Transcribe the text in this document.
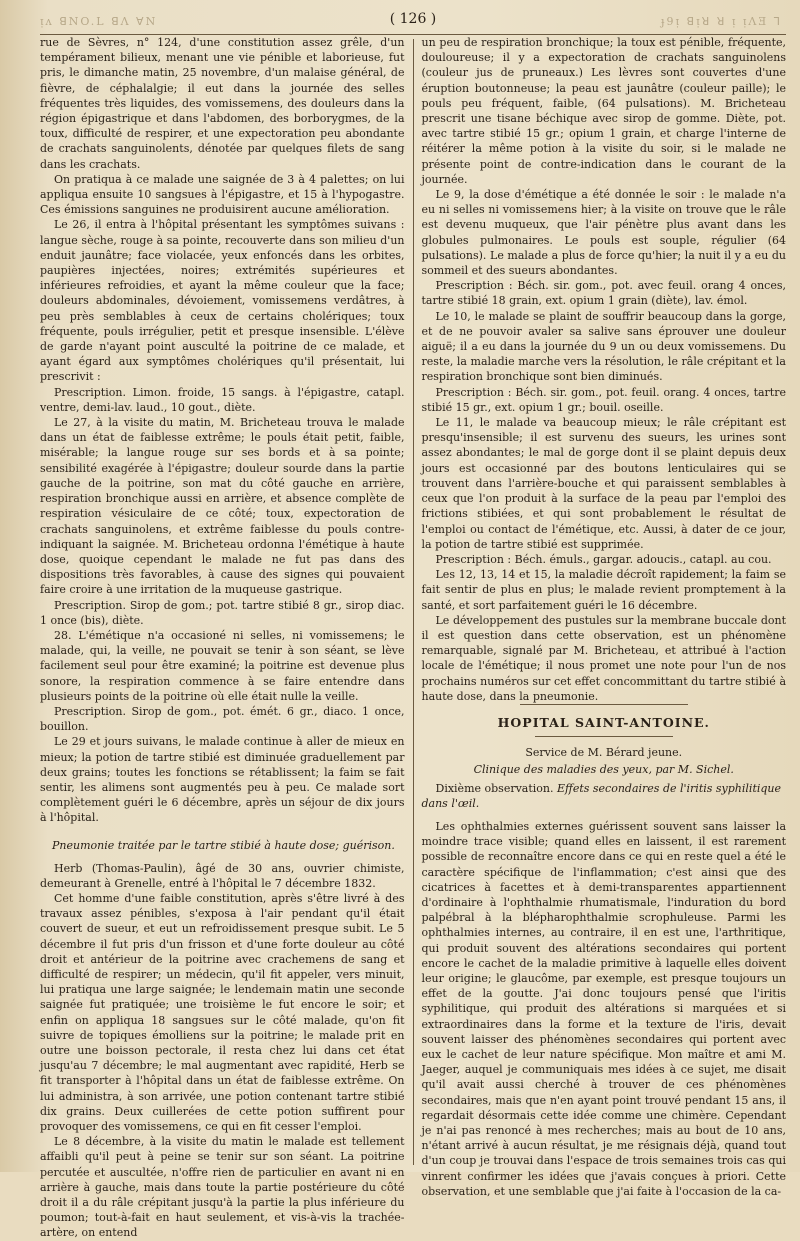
ᴉᴧ ꓭNO.L ꓭɅ ꓯN	( 126 )	ɟ9ᴉ ꓭᴉꓤ ꓤ ᴉ ᴉɅƎ ꓶ

rue de Sèvres, n° 124, d'une constitution assez grêle, d'un tempérament bilieux, menant une vie pénible et laborieuse, fut pris, le dimanche matin, 25 novembre, d'un malaise général, de fièvre, de céphalalgie; il eut dans la journée des selles fréquentes très liquides, des vomissemens, des douleurs dans la région épigastrique et dans l'abdomen, des borborygmes, de la toux, difficulté de respirer, et une expectoration peu abondante de crachats sanguinolents, dénotée par quelques filets de sang dans les crachats.

On pratiqua à ce malade une saignée de 3 à 4 palettes; on lui appliqua ensuite 10 sangsues à l'épigastre, et 15 à l'hypogastre. Ces émissions sanguines ne produisirent aucune amélioration.

Le 26, il entra à l'hôpital présentant les symptômes suivans : langue sèche, rouge à sa pointe, recouverte dans son milieu d'un enduit jaunâtre; face violacée, yeux enfoncés dans les orbites, paupières injectées, noires; extrémités supérieures et inférieures refroidies, et ayant la même couleur que la face; douleurs abdominales, dévoiement, vomissemens verdâtres, à peu près semblables à ceux de certains cholériques; toux fréquente, pouls irrégulier, petit et presque insensible. L'élève de garde n'ayant point ausculté la poitrine de ce malade, et ayant égard aux symptômes cholériques qu'il présentait, lui prescrivit :

Prescription. Limon. froide, 15 sangs. à l'épigastre, catapl. ventre, demi-lav. laud., 10 gout., diète.

Le 27, à la visite du matin, M. Bricheteau trouva le malade dans un état de faiblesse extrême; le pouls était petit, faible, misérable; la langue rouge sur ses bords et à sa pointe; sensibilité exagérée à l'épigastre; douleur sourde dans la partie gauche de la poitrine, son mat du côté gauche en arrière, respiration bronchique aussi en arrière, et absence complète de respiration vésiculaire de ce côté; toux, expectoration de crachats sanguinolens, et extrême faiblesse du pouls contre-indiquant la saignée. M. Bricheteau ordonna l'émétique à haute dose, quoique cependant le malade ne fut pas dans des dispositions très favorables, à cause des signes qui pouvaient faire croire à une irritation de la muqueuse gastrique.

Prescription. Sirop de gom.; pot. tartre stibié 8 gr., sirop diac. 1 once (bis), diète.

28. L'émétique n'a occasioné ni selles, ni vomissemens; le malade, qui, la veille, ne pouvait se tenir à son séant, se lève facilement seul pour être examiné; la poitrine est devenue plus sonore, la respiration commence à se faire entendre dans plusieurs points de la poitrine où elle était nulle la veille.

Prescription. Sirop de gom., pot. émét. 6 gr., diaco. 1 once, bouillon.

Le 29 et jours suivans, le malade continue à aller de mieux en mieux; la potion de tartre stibié est diminuée graduellement par deux grains; toutes les fonctions se rétablissent; la faim se fait sentir, les alimens sont augmentés peu à peu. Ce malade sort complètement guéri le 6 décembre, après un séjour de dix jours à l'hôpital.

Pneumonie traitée par le tartre stibié à haute dose; guérison.

Herb (Thomas-Paulin), âgé de 30 ans, ouvrier chimiste, demeurant à Grenelle, entré à l'hôpital le 7 décembre 1832.

Cet homme d'une faible constitution, après s'être livré à des travaux assez pénibles, s'exposa à l'air pendant qu'il était couvert de sueur, et eut un refroidissement presque subit. Le 5 décembre il fut pris d'un frisson et d'une forte douleur au côté droit et antérieur de la poitrine avec crachemens de sang et difficulté de respirer; un médecin, qu'il fit appeler, vers minuit, lui pratiqua une large saignée; le lendemain matin une seconde saignée fut pratiquée; une troisième le fut encore le soir; et enfin on appliqua 18 sangsues sur le côté malade, qu'on fit suivre de topiques émolliens sur la poitrine; le malade prit en outre une boisson pectorale, il resta chez lui dans cet état jusqu'au 7 décembre; le mal augmentant avec rapidité, Herb se fit transporter à l'hôpital dans un état de faiblesse extrême. On lui administra, à son arrivée, une potion contenant tartre stibié dix grains. Deux cuillerées de cette potion suffirent pour provoquer des vomissemens, ce qui en fit cesser l'emploi.

Le 8 décembre, à la visite du matin le malade est tellement affaibli qu'il peut à peine se tenir sur son séant. La poitrine percutée et auscultée, n'offre rien de particulier en avant ni en arrière à gauche, mais dans toute la partie postérieure du côté droit il a du râle crépitant jusqu'à la partie la plus inférieure du poumon; tout-à-fait en haut seulement, et vis-à-vis la trachée-artère, on entend

un peu de respiration bronchique; la toux est pénible, fréquente, douloureuse; il y a expectoration de crachats sanguinolens (couleur jus de pruneaux.) Les lèvres sont couvertes d'une éruption boutonneuse; la peau est jaunâtre (couleur paille); le pouls peu fréquent, faible, (64 pulsations). M. Bricheteau prescrit une tisane béchique avec sirop de gomme. Diète, pot. avec tartre stibié 15 gr.; opium 1 grain, et charge l'interne de réitérer la même potion à la visite du soir, si le malade ne présente point de contre-indication dans le courant de la journée.

Le 9, la dose d'émétique a été donnée le soir : le malade n'a eu ni selles ni vomissemens hier; à la visite on trouve que le râle est devenu muqueux, que l'air pénètre plus avant dans les globules pulmonaires. Le pouls est souple, régulier (64 pulsations). Le malade a plus de force qu'hier; la nuit il y a eu du sommeil et des sueurs abondantes.

Prescription : Béch. sir. gom., pot. avec feuil. orang 4 onces, tartre stibié 18 grain, ext. opium 1 grain (diète), lav. émol.

Le 10, le malade se plaint de souffrir beaucoup dans la gorge, et de ne pouvoir avaler sa salive sans éprouver une douleur aiguë; il a eu dans la journée du 9 un ou deux vomissemens. Du reste, la maladie marche vers la résolution, le râle crépitant et la respiration bronchique sont bien diminués.

Prescription : Béch. sir. gom., pot. feuil. orang. 4 onces, tartre stibié 15 gr., ext. opium 1 gr.; bouil. oseille.

Le 11, le malade va beaucoup mieux; le râle crépitant est presqu'insensible; il est survenu des sueurs, les urines sont assez abondantes; le mal de gorge dont il se plaint depuis deux jours est occasionné par des boutons lenticulaires qui se trouvent dans l'arrière-bouche et qui paraissent semblables à ceux que l'on produit à la surface de la peau par l'emploi des frictions stibiées, et qui sont probablement le résultat de l'emploi ou contact de l'émétique, etc. Aussi, à dater de ce jour, la potion de tartre stibié est supprimée.

Prescription : Béch. émuls., gargar. adoucis., catapl. au cou.

Les 12, 13, 14 et 15, la maladie décroît rapidement; la faim se fait sentir de plus en plus; le malade revient promptement à la santé, et sort parfaitement guéri le 16 décembre.

Le développement des pustules sur la membrane buccale dont il est question dans cette observation, est un phénomène remarquable, signalé par M. Bricheteau, et attribué à l'action locale de l'émétique; il nous promet une note pour l'un de nos prochains numéros sur cet effet concommittant du tartre stibié à haute dose, dans la pneumonie.

HOPITAL SAINT-ANTOINE.
Service de M. Bérard jeune.
Clinique des maladies des yeux, par M. Sichel.
Dixième observation. Effets secondaires de l'iritis syphilitique dans l'œil.

Les ophthalmies externes guérissent souvent sans laisser la moindre trace visible; quand elles en laissent, il est rarement possible de reconnaître encore dans ce qui en reste quel a été le caractère spécifique de l'inflammation; c'est ainsi que des cicatrices à facettes et à demi-transparentes appartiennent d'ordinaire à l'ophthalmie rhumatismale, l'induration du bord palpébral à la blépharophthalmie scrophuleuse. Parmi les ophthalmies internes, au contraire, il en est une, l'arthritique, qui produit souvent des altérations secondaires qui portent encore le cachet de la maladie primitive à laquelle elles doivent leur origine; le glaucôme, par exemple, est presque toujours un effet de la goutte. J'ai donc toujours pensé que l'iritis syphilitique, qui produit des altérations si marquées et si extraordinaires dans la forme et la texture de l'iris, devait souvent laisser des phénomènes secondaires qui portent avec eux le cachet de leur nature spécifique. Mon maître et ami M. Jaeger, auquel je communiquais mes idées à ce sujet, me disait qu'il avait aussi cherché à trouver de ces phénomènes secondaires, mais que n'en ayant point trouvé pendant 15 ans, il regardait désormais cette idée comme une chimère. Cependant je n'ai pas renoncé à mes recherches; mais au bout de 10 ans, n'étant arrivé à aucun résultat, je me résignais déjà, quand tout d'un coup je trouvai dans l'espace de trois semaines trois cas qui vinrent confirmer les idées que j'avais conçues à priori. Cette observation, et une semblable que j'ai faite à l'occasion de la ca-
